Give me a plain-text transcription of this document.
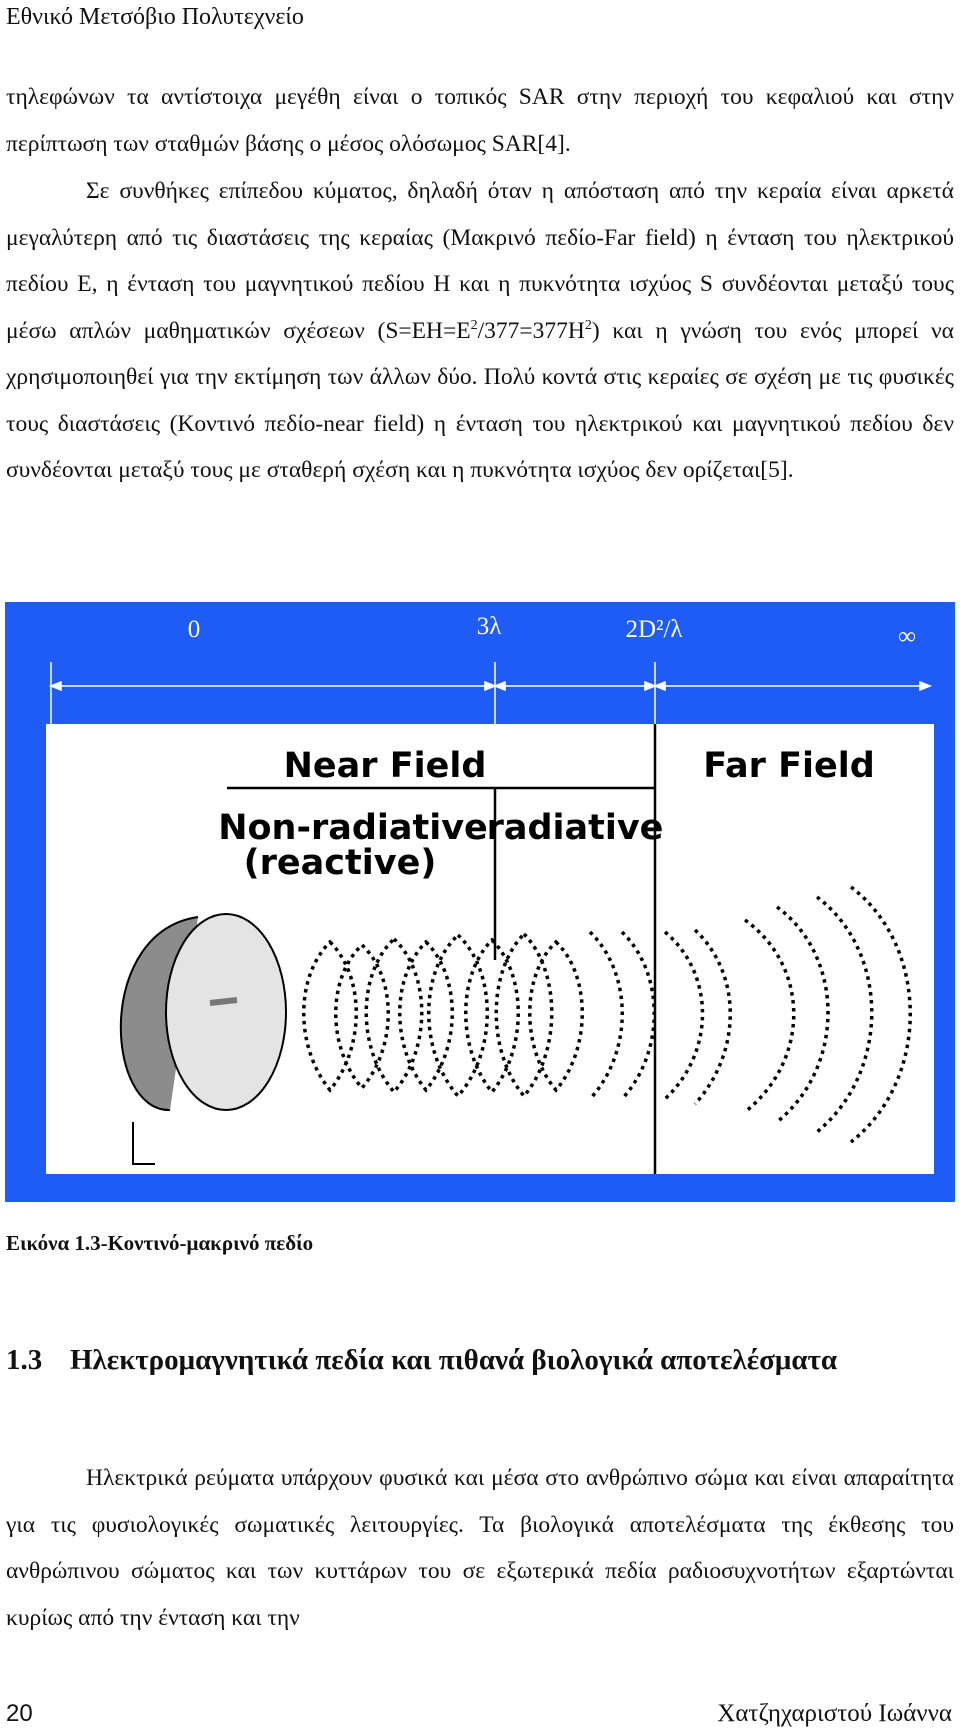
Εθνικό Μετσόβιο Πολυτεχνείο

τηλεφώνων τα αντίστοιχα μεγέθη είναι ο τοπικός SAR στην περιοχή του κεφαλιού και στην περίπτωση των σταθμών βάσης ο μέσος ολόσωμος SAR[4].

Σε συνθήκες επίπεδου κύματος, δηλαδή όταν η απόσταση από την κεραία είναι αρκετά μεγαλύτερη από τις διαστάσεις της κεραίας (Μακρινό πεδίο-Far field) η ένταση του ηλεκτρικού πεδίου E, η ένταση του μαγνητικού πεδίου H και η πυκνότητα ισχύος S συνδέονται μεταξύ τους μέσω απλών μαθηματικών σχέσεων $(S=EH=E^2/377=377H^2)$ και η γνώση του ενός μπορεί να χρησιμοποιηθεί για την εκτίμηση των άλλων δύο. Πολύ κοντά στις κεραίες σε σχέση με τις φυσικές τους διαστάσεις (Κοντινό πεδίο-near field) η ένταση του ηλεκτρικού και μαγνητικού πεδίου δεν συνδέονται μεταξύ τους με σταθερή σχέση και η πυκνότητα ισχύος δεν ορίζεται[5].

0	3λ	2D²/λ	∞
Near Field	Far Field
Non-radiative
(reactive)
radiative
Εικόνα 1.3-Κοντινό-μακρινό πεδίο
1.3 Ηλεκτρομαγνητικά πεδία και πιθανά βιολογικά αποτελέσματα

Ηλεκτρικά ρεύματα υπάρχουν φυσικά και μέσα στο ανθρώπινο σώμα και είναι απαραίτητα για τις φυσιολογικές σωματικές λειτουργίες. Τα βιολογικά αποτελέσματα της έκθεσης του ανθρώπινου σώματος και των κυττάρων του σε εξωτερικά πεδία ραδιοσυχνοτήτων εξαρτώνται κυρίως από την ένταση και την

20	Χατζηχαριστού Ιωάννα
